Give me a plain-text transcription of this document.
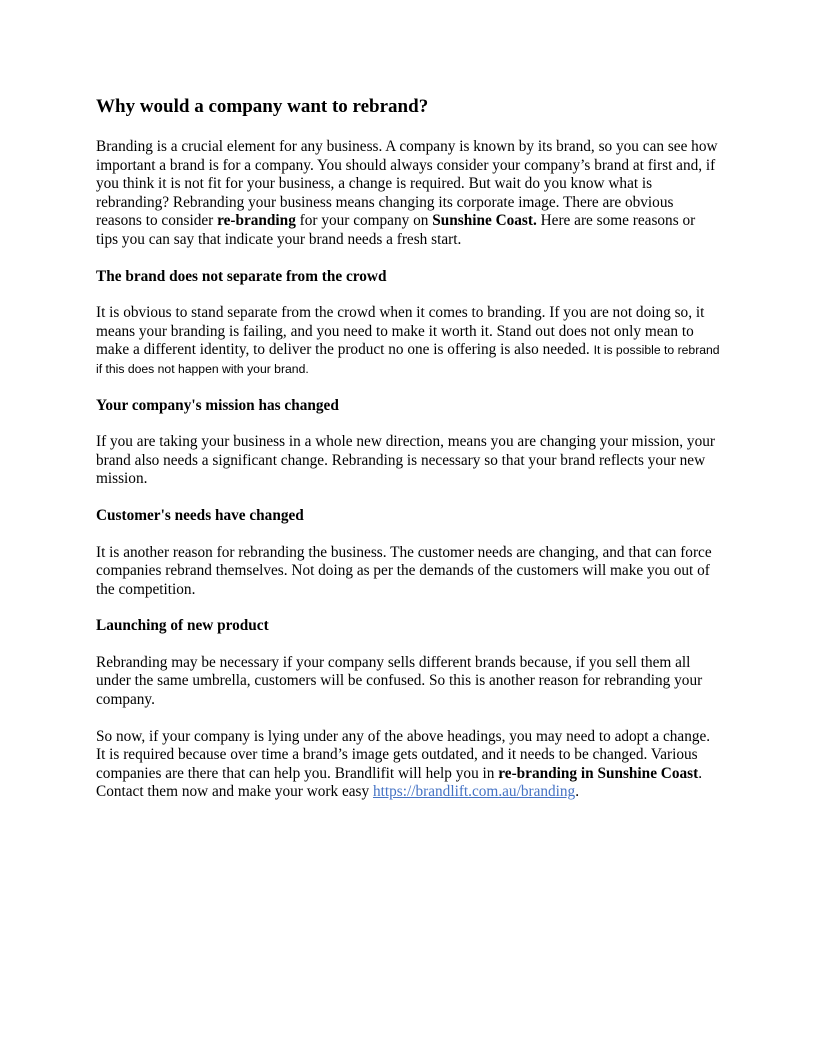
Why would a company want to rebrand?

Branding is a crucial element for any business. A company is known by its brand, so you can see how important a brand is for a company. You should always consider your company’s brand at first and, if you think it is not fit for your business, a change is required. But wait do you know what is rebranding? Rebranding your business means changing its corporate image. There are obvious reasons to consider re-branding for your company on Sunshine Coast. Here are some reasons or tips you can say that indicate your brand needs a fresh start.

The brand does not separate from the crowd

It is obvious to stand separate from the crowd when it comes to branding. If you are not doing so, it means your branding is failing, and you need to make it worth it. Stand out does not only mean to make a different identity, to deliver the product no one is offering is also needed. It is possible to rebrand if this does not happen with your brand.

Your company's mission has changed

If you are taking your business in a whole new direction, means you are changing your mission, your brand also needs a significant change. Rebranding is necessary so that your brand reflects your new mission.

Customer's needs have changed

It is another reason for rebranding the business. The customer needs are changing, and that can force companies rebrand themselves. Not doing as per the demands of the customers will make you out of the competition.

Launching of new product

Rebranding may be necessary if your company sells different brands because, if you sell them all under the same umbrella, customers will be confused. So this is another reason for rebranding your company.

So now, if your company is lying under any of the above headings, you may need to adopt a change. It is required because over time a brand’s image gets outdated, and it needs to be changed. Various companies are there that can help you. Brandlifit will help you in re-branding in Sunshine Coast. Contact them now and make your work easy https://brandlift.com.au/branding.
